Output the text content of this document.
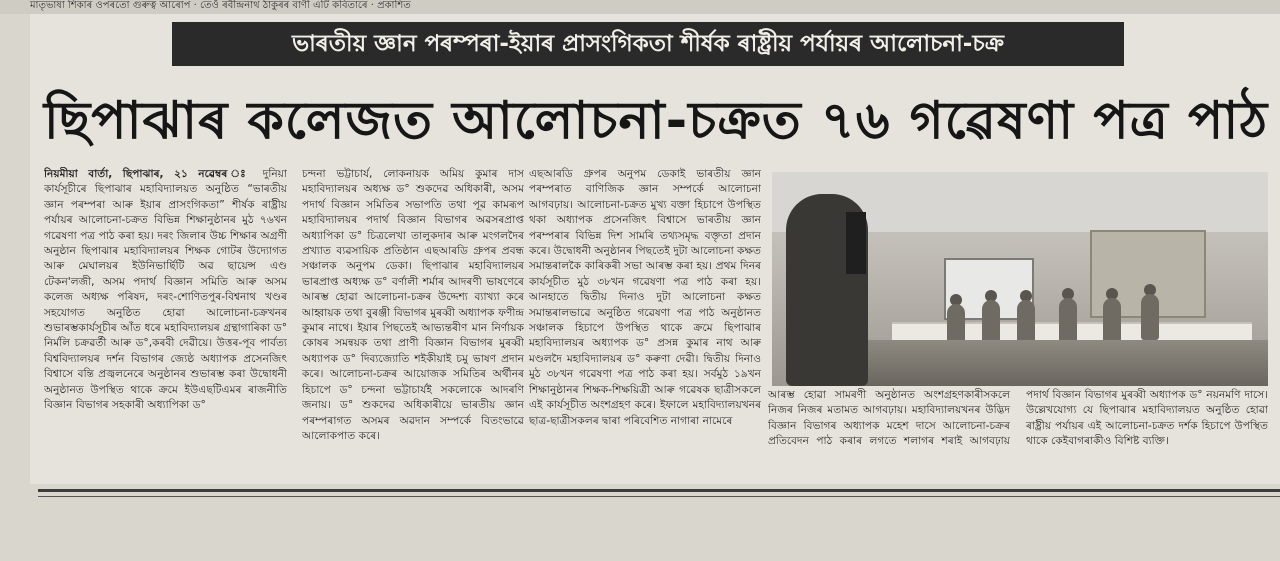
মাতৃভাষা শিকাৰ ওপৰতো গুৰুত্ব আৰোপ · তেওঁ ৰবীন্দ্ৰনাথ ঠাকুৰৰ বাণী এটি কবিতাৰে · প্ৰকাশিত
ভাৰতীয় জ্ঞান পৰম্পৰা-ইয়াৰ প্ৰাসংগিকতা শীৰ্ষক ৰাষ্ট্ৰীয় পৰ্যায়ৰ আলোচনা-চক্ৰ
ছিপাঝাৰ কলেজত আলোচনা-চক্ৰত ৭৬ গৱেষণা পত্ৰ পাঠ
নিয়মীয়া বাৰ্তা, ছিপাঝাৰ, ২১ নৱেম্বৰ ঃ দুনিয়া কাৰ্যসূচীৰে ছিপাঝাৰ মহাবিদ্যালয়ত অনুষ্ঠিত “ভাৰতীয় জ্ঞান পৰম্পৰা আৰু ইয়াৰ প্ৰাসংগিকতা” শীৰ্ষক ৰাষ্ট্ৰীয় পৰ্যায়ৰ আলোচনা-চক্ৰত বিভিন্ন শিক্ষানুষ্ঠানৰ মুঠ ৭৬খন গৱেষণা পত্ৰ পাঠ কৰা হয়। দৰং জিলাৰ উচ্চ শিক্ষাৰ অগ্ৰণী অনুষ্ঠান ছিপাঝাৰ মহাবিদ্যালয়ৰ শিক্ষক গোটৰ উদ্যোগত আৰু মেঘালয়ৰ ইউনিভাৰ্ছিটি অৱ ছায়েন্স এণ্ড টেকন'লজী, অসম পদাৰ্থ বিজ্ঞান সমিতি আৰু অসম কলেজ অধ্যক্ষ পৰিষদ, দৰং-শোণিতপুৰ-বিশ্বনাথ খণ্ডৰ সহযোগত অনুষ্ঠিত হোৱা আলোচনা-চক্ৰখনৰ শুভাৰম্ভকাৰ্যসূচীৰ আঁত ধৰে মহাবিদ্যালয়ৰ গ্ৰন্থাগাৰিকা ড° নিৰ্মলি চক্ৰৱৰ্তী আৰু ড°,কৰবী দেৱীয়ে। উত্তৰ-পূব পাৰ্বত্য বিশ্ববিদ্যালয়ৰ দৰ্শন বিভাগৰ জ্যেষ্ঠ অধ্যাপক প্ৰসেনজিৎ বিশ্বাসে বন্তি প্ৰজ্বলনেৰে অনুষ্ঠানৰ শুভাৰম্ভ কৰা উদ্বোধনী অনুষ্ঠানত উপস্থিত থাকে ক্ৰমে ইউএছটিএমৰ ৰাজনীতি বিজ্ঞান বিভাগৰ সহকাৰী অধ্যাপিকা ড°
চন্দনা ভট্টাচাৰ্য, লোকনায়ক অমিয় কুমাৰ দাস মহাবিদ্যালয়ৰ অধ্যক্ষ ড° শুকদেৱ অধিকাৰী, অসম পদাৰ্থ বিজ্ঞান সমিতিৰ সভাপতি তথা পূৱ কামৰূপ মহাবিদ্যালয়ৰ পদাৰ্থ বিজ্ঞান বিভাগৰ অৱসৰপ্ৰাপ্ত অধ্যাপিকা ড° চিত্ৰলেখা তালুকদাৰ আৰু মংগলদৈৰ প্ৰখ্যাত ব্যৱসায়িক প্ৰতিষ্ঠান এছআৰডি গ্ৰুপৰ প্ৰবন্ধ সঞ্চালক অনুপম ডেকা। ছিপাঝাৰ মহাবিদ্যালয়ৰ ভাৰপ্ৰাপ্ত অধ্যক্ষ ড° বৰ্ণালী শৰ্মাৰ আদৰণী ভাষণেৰে আৰম্ভ হোৱা আলোচনা-চক্ৰৰ উদ্দেশ্য ব্যাখ্যা কৰে আহ্বায়ক তথা বুৰঞ্জী বিভাগৰ মুৰব্বী অধ্যাপক ফণীন্দ্ৰ কুমাৰ নাথে। ইয়াৰ পিছতেই আভ্যন্তৰীণ মান নিৰ্ণায়ক কোষৰ সমন্বয়ক তথা প্ৰাণী বিজ্ঞান বিভাগৰ মুৰব্বী অধ্যাপক ড° দিব্যজ্যোতি শইকীয়াই চমু ভাষণ প্ৰদান কৰে। আলোচনা-চক্ৰৰ আয়োজক সমিতিৰ অৰ্থীনৰ হিচাপে ড° চন্দনা ভট্টাচাৰ্যই সকলোকে আদৰণি জনায়। ড° শুকদেৱ অধিকাৰীয়ে ভাৰতীয় জ্ঞান পৰম্পৰাগত অসমৰ অৱদান সম্পৰ্কে বিতংভাৱে আলোকপাত কৰে।
এছআৰডি গ্ৰুপৰ অনুপম ডেকাই ভাৰতীয় জ্ঞান পৰম্পৰাত বাণিজিক জ্ঞান সম্পৰ্কে আলোচনা আগবঢ়ায়। আলোচনা-চক্ৰত মুখ্য বক্তা হিচাপে উপস্থিত থকা অধ্যাপক প্ৰসেনজিৎ বিশ্বাসে ভাৰতীয় জ্ঞান পৰম্পৰাৰ বিভিন্ন দিশ সামৰি তথ্যসমৃদ্ধ বক্তৃতা প্ৰদান কৰে। উদ্বোধনী অনুষ্ঠানৰ পিছতেই দুটা আলোচনা কক্ষত সমান্তৰালকৈ কাৰিকৰী সভা আৰম্ভ কৰা হয়। প্ৰথম দিনৰ কাৰ্যসূচীত মুঠ ৩৮খন গৱেষণা পত্ৰ পাঠ কৰা হয়। আনহাতে দ্বিতীয় দিনাও দুটা আলোচনা কক্ষত সমান্তৰালভাৱে অনুষ্ঠিত গৱেষণা পত্ৰ পাঠ অনুষ্ঠানত সঞ্চালক হিচাপে উপস্থিত থাকে ক্ৰমে ছিপাঝাৰ মহাবিদ্যালয়ৰ অধ্যাপক ড° প্ৰসন্ন কুমাৰ নাথ আৰু মণ্ডলদৈ মহাবিদ্যালয়ৰ ড° কৰুণা দেৱী। দ্বিতীয় দিনাও মুঠ ৩৮খন গৱেষণা পত্ৰ পাঠ কৰা হয়। সৰ্বমুঠ ১৯খন শিক্ষানুষ্ঠানৰ শিক্ষক-শিক্ষয়িত্ৰী আৰু গৱেষক ছাত্ৰীসকলে এই কাৰ্যসূচীত অংশগ্ৰহণ কৰে। ইফালে মহাবিদ্যালয়খনৰ ছাত্ৰ-ছাত্ৰীসকলৰ দ্বাৰা পৰিবেশিত নাগাৰা নামেৰে
আৰম্ভ হোৱা সামৰণী অনুষ্ঠানত অংশগ্ৰহণকাৰীসকলে নিজৰ নিজৰ মতামত আগবঢ়ায়। মহাবিদ্যালয়খনৰ উদ্ভিদ বিজ্ঞান বিভাগৰ অধ্যাপক মহেশ দাসে আলোচনা-চক্ৰৰ প্ৰতিবেদন পাঠ কৰাৰ লগতে শলাগৰ শৰাই আগবঢ়ায় পদাৰ্থ বিজ্ঞান বিভাগৰ মুৰব্বী অধ্যাপক ড° নয়নমণি দাসে। উল্লেখযোগ্য যে ছিপাঝাৰ মহাবিদ্যালয়ত অনুষ্ঠিত হোৱা ৰাষ্ট্ৰীয় পৰ্যায়ৰ এই আলোচনা-চক্ৰত দৰ্শক হিচাপে উপস্থিত থাকে কেইবাগৰাকীও বিশিষ্ট ব্যক্তি।
